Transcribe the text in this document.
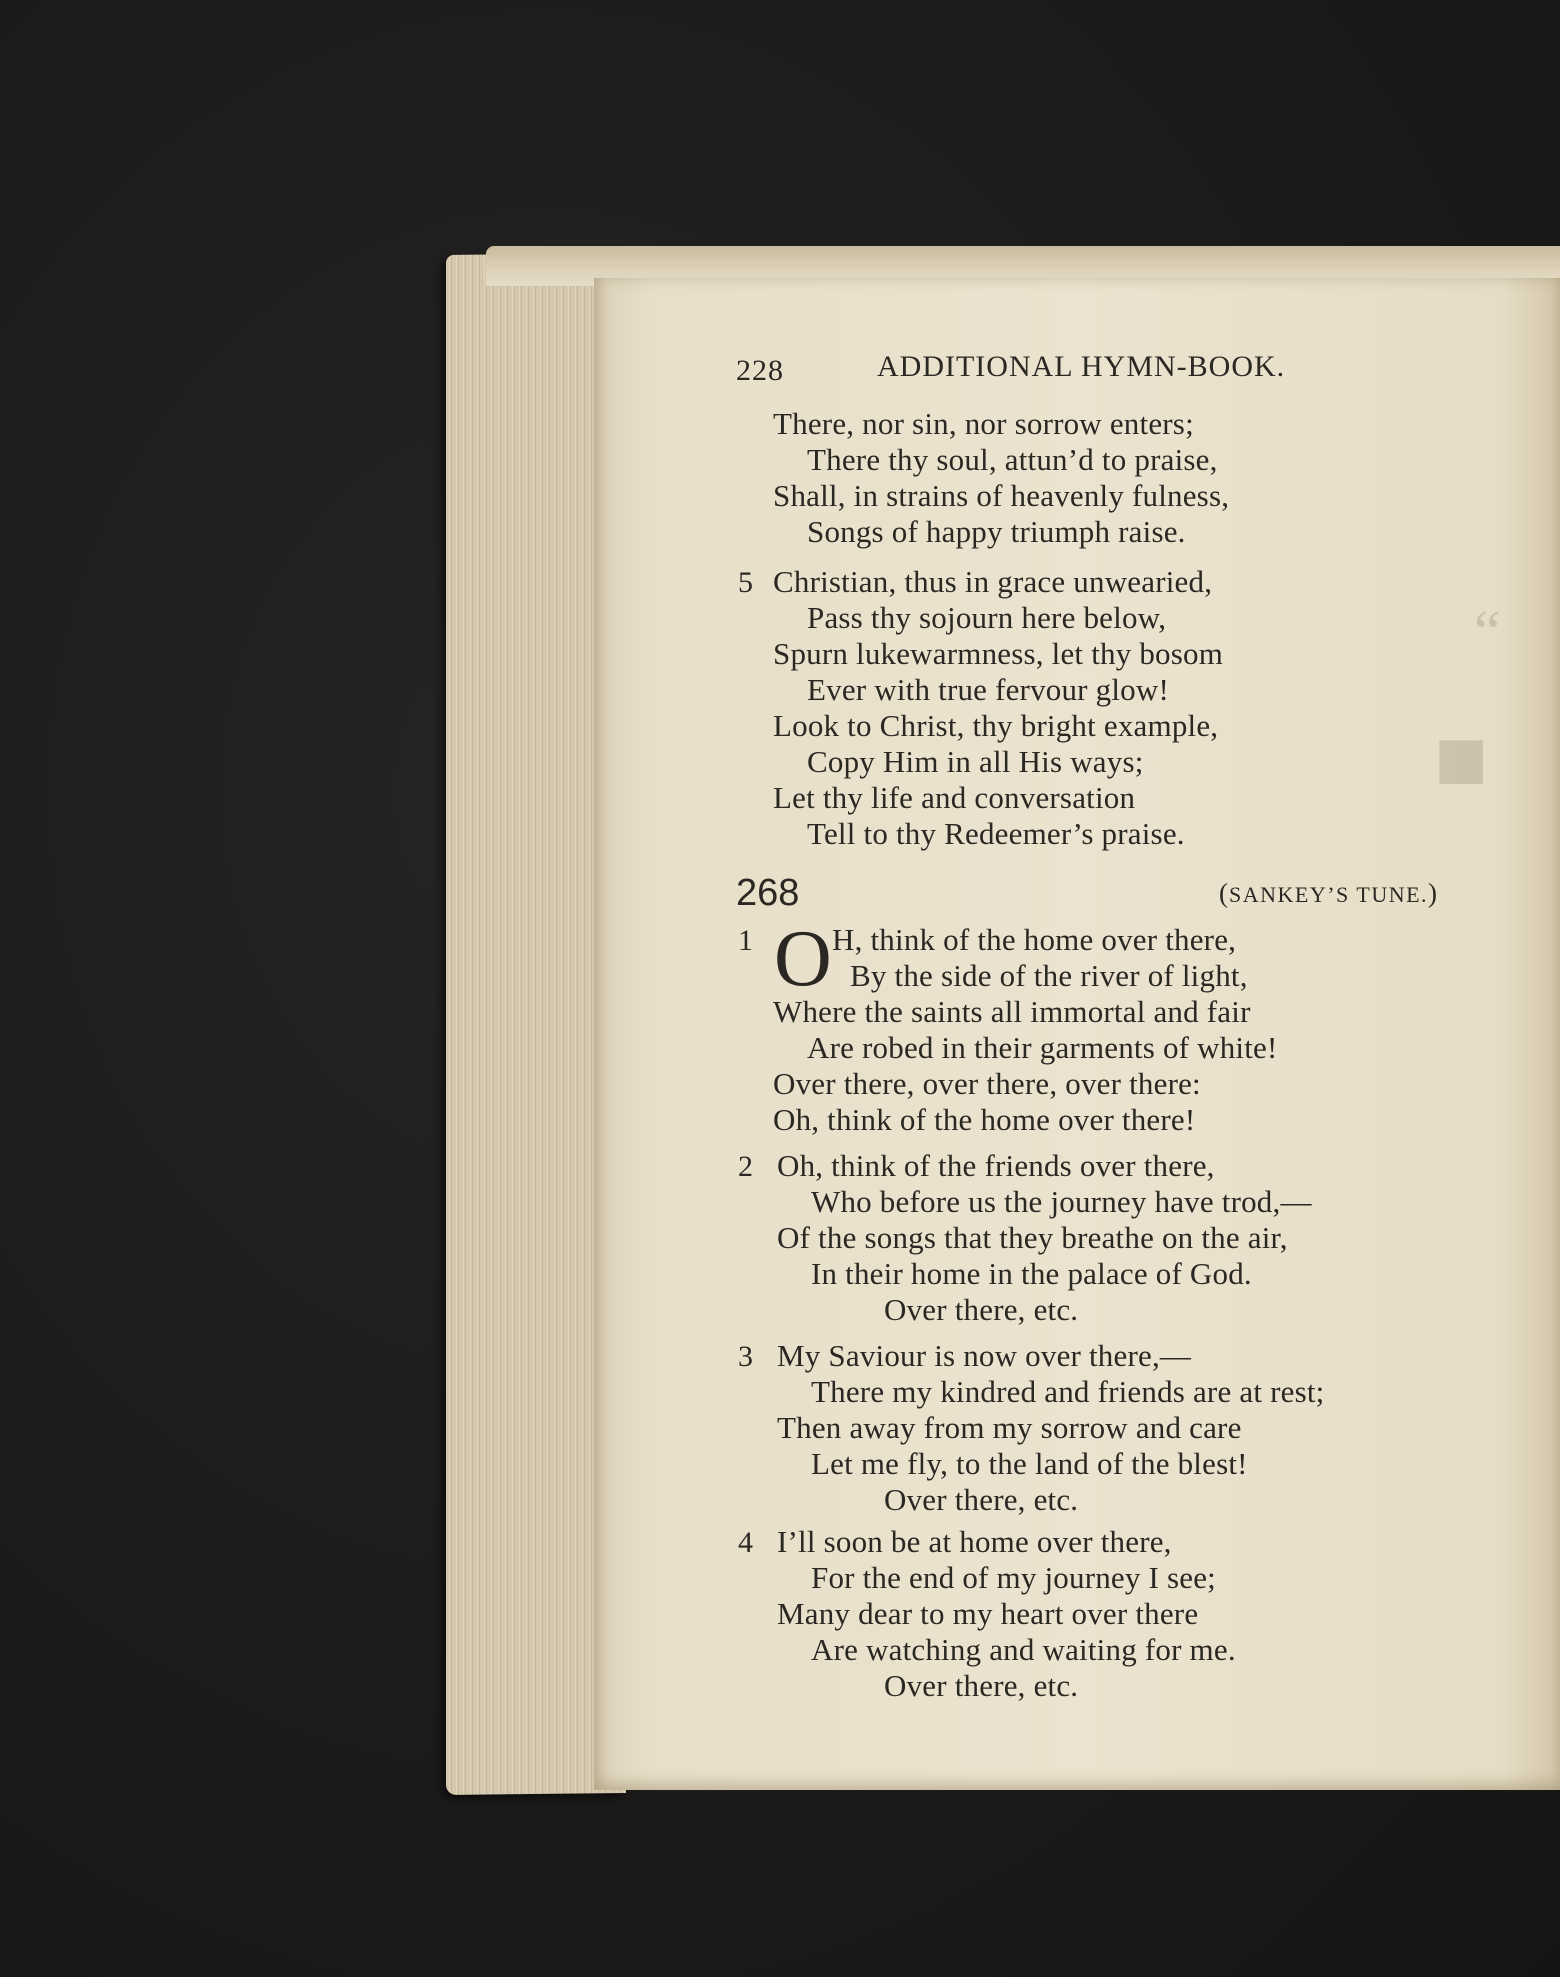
“
■
228	ADDITIONAL HYMN-BOOK.
There, nor sin, nor sorrow enters;
There thy soul, attun’d to praise,
Shall, in strains of heavenly fulness,
Songs of happy triumph raise.
5 Christian, thus in grace unwearied,
Pass thy sojourn here below,
Spurn lukewarmness, let thy bosom
Ever with true fervour glow!
Look to Christ, thy bright example,
Copy Him in all His ways;
Let thy life and conversation
Tell to thy Redeemer’s praise.
268	(SANKEY’S TUNE.)
1 O H, think of the home over there,
By the side of the river of light,
Where the saints all immortal and fair
Are robed in their garments of white!
Over there, over there, over there:
Oh, think of the home over there!
2 Oh, think of the friends over there,
Who before us the journey have trod,—
Of the songs that they breathe on the air,
In their home in the palace of God.
Over there, etc.
3 My Saviour is now over there,—
There my kindred and friends are at rest;
Then away from my sorrow and care
Let me fly, to the land of the blest!
Over there, etc.
4 I’ll soon be at home over there,
For the end of my journey I see;
Many dear to my heart over there
Are watching and waiting for me.
Over there, etc.
